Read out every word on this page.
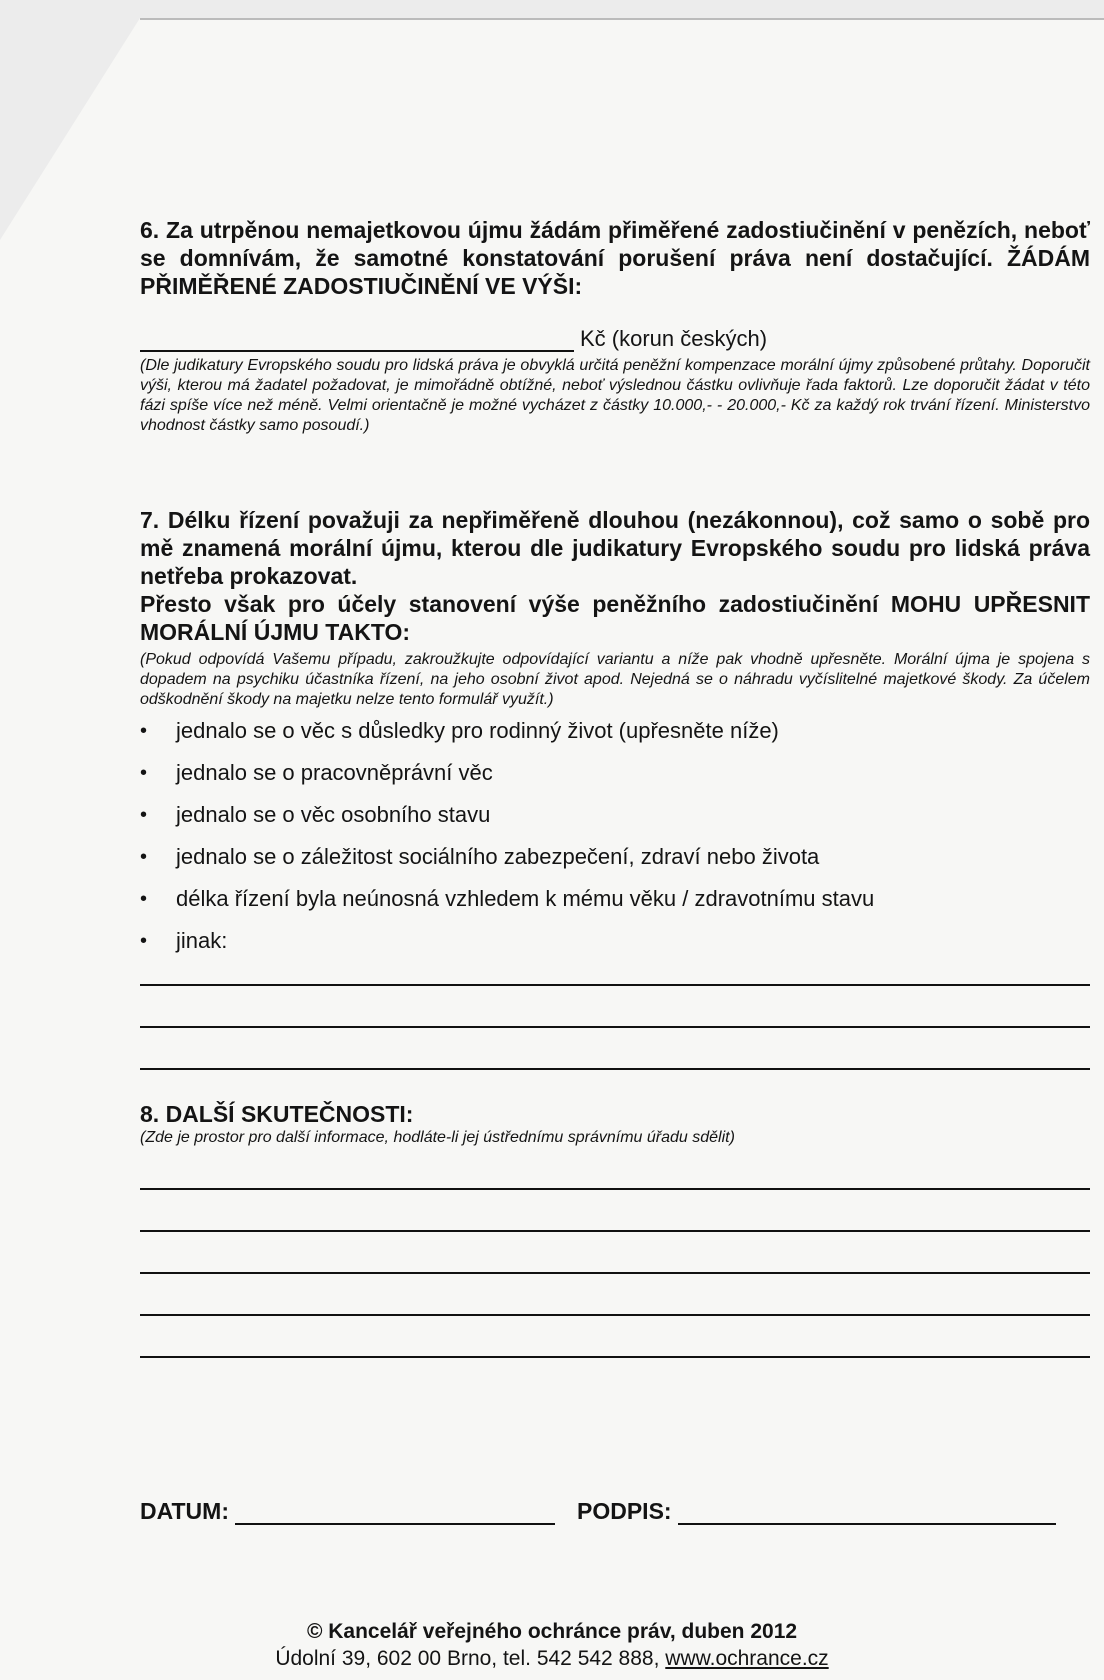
6. Za utrpěnou nemajetkovou újmu žádám přiměřené zadostiučinění v penězích, neboť se domnívám, že samotné konstatování porušení práva není dostačující. ŽÁDÁM PŘIMĚŘENÉ ZADOSTIUČINĚNÍ VE VÝŠI:

Kč (korun českých)

(Dle judikatury Evropského soudu pro lidská práva je obvyklá určitá peněžní kompenzace morální újmy způsobené průtahy. Doporučit výši, kterou má žadatel požadovat, je mimořádně obtížné, neboť výslednou částku ovlivňuje řada faktorů. Lze doporučit žádat v této fázi spíše více než méně. Velmi orientačně je možné vycházet z částky 10.000,- - 20.000,- Kč za každý rok trvání řízení. Ministerstvo vhodnost částky samo posoudí.)

7. Délku řízení považuji za nepřiměřeně dlouhou (nezákonnou), což samo o sobě pro mě znamená morální újmu, kterou dle judikatury Evropského soudu pro lidská práva netřeba prokazovat.

Přesto však pro účely stanovení výše peněžního zadostiučinění MOHU UPŘESNIT MORÁLNÍ ÚJMU TAKTO:

(Pokud odpovídá Vašemu případu, zakroužkujte odpovídající variantu a níže pak vhodně upřesněte. Morální újma je spojena s dopadem na psychiku účastníka řízení, na jeho osobní život apod. Nejedná se o náhradu vyčíslitelné majetkové škody. Za účelem odškodnění škody na majetku nelze tento formulář využít.)

•	jednalo se o věc s důsledky pro rodinný život (upřesněte níže)
•	jednalo se o pracovněprávní věc
•	jednalo se o věc osobního stavu
•	jednalo se o záležitost sociálního zabezpečení, zdraví nebo života
•	délka řízení byla neúnosná vzhledem k mému věku / zdravotnímu stavu
•	jinak:

8. DALŠÍ SKUTEČNOSTI:

(Zde je prostor pro další informace, hodláte-li jej ústřednímu správnímu úřadu sdělit)

DATUM:	PODPIS:
© Kancelář veřejného ochránce práv, duben 2012
Údolní 39, 602 00 Brno, tel. 542 542 888, www.ochrance.cz
